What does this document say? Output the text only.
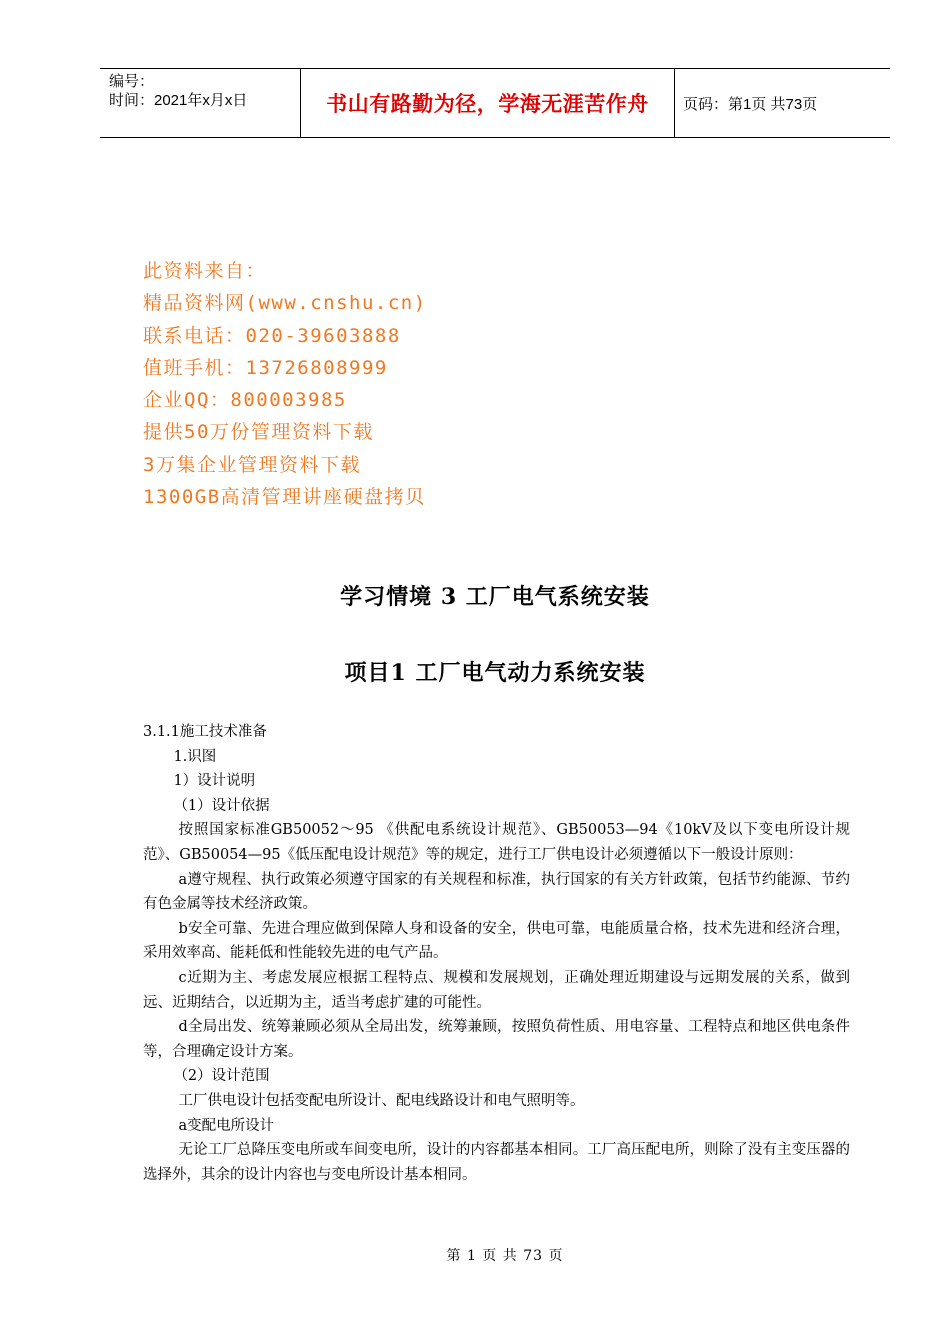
编号：
时间：2021年x月x日	书山有路勤为径，学海无涯苦作舟 页码：第1页 共73页
此资料来自：
精品资料网(www.cnshu.cn)
联系电话：020-39603888
值班手机：13726808999
企业QQ：800003985
提供50万份管理资料下载
3万集企业管理资料下载
1300GB高清管理讲座硬盘拷贝
学习情境 3 工厂电气系统安装
项目1 工厂电气动力系统安装

3.1.1施工技术准备

1.识图

1）设计说明

（1）设计依据

按照国家标准GB50052～95 《供配电系统设计规范》、GB50053—94《10kV及以下变电所设计规范》、GB50054—95《低压配电设计规范》等的规定，进行工厂供电设计必须遵循以下一般设计原则：

a遵守规程、执行政策必须遵守国家的有关规程和标准，执行国家的有关方针政策，包括节约能源、节约有色金属等技术经济政策。

b安全可靠、先进合理应做到保障人身和设备的安全，供电可靠，电能质量合格，技术先进和经济合理，采用效率高、能耗低和性能较先进的电气产品。

c近期为主、考虑发展应根据工程特点、规模和发展规划，正确处理近期建设与远期发展的关系，做到远、近期结合，以近期为主，适当考虑扩建的可能性。

d全局出发、统筹兼顾必须从全局出发，统筹兼顾，按照负荷性质、用电容量、工程特点和地区供电条件等，合理确定设计方案。

（2）设计范围

工厂供电设计包括变配电所设计、配电线路设计和电气照明等。

a变配电所设计

无论工厂总降压变电所或车间变电所，设计的内容都基本相同。工厂高压配电所，则除了没有主变压器的选择外，其余的设计内容也与变电所设计基本相同。

第 1 页 共 73 页
